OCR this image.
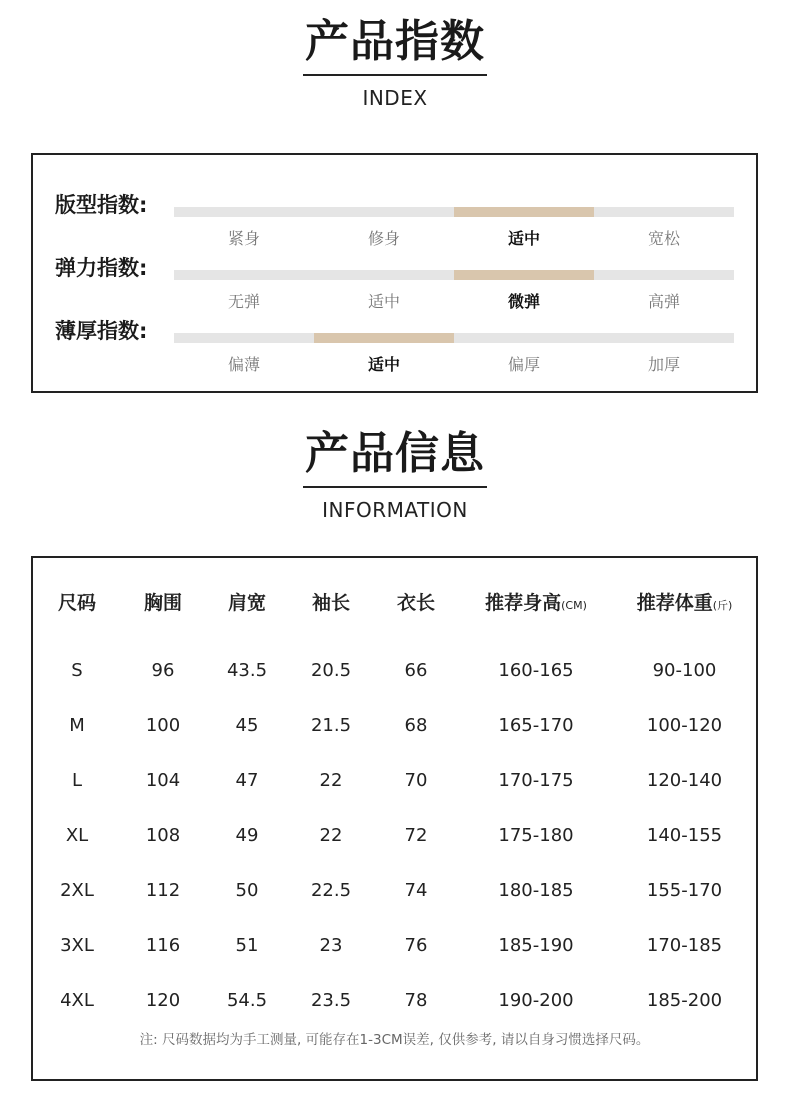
产品指数
INDEX
版型指数:
紧身	修身	适中	宽松
弹力指数:
无弹	适中	微弹	高弹
薄厚指数:
偏薄	适中	偏厚	加厚
产品信息
INFORMATION
尺码	胸围	肩宽	袖长	衣长	推荐身高(CM)	推荐体重(斤)
S	96	43.5	20.5	66	160-165	90-100
M	100	45	21.5	68	165-170	100-120
L	104	47	22	70	170-175	120-140
XL	108	49	22	72	175-180	140-155
2XL	112	50	22.5	74	180-185	155-170
3XL	116	51	23	76	185-190	170-185
4XL	120	54.5	23.5	78	190-200	185-200
注: 尺码数据均为手工测量, 可能存在1-3CM误差, 仅供参考, 请以自身习惯选择尺码。
